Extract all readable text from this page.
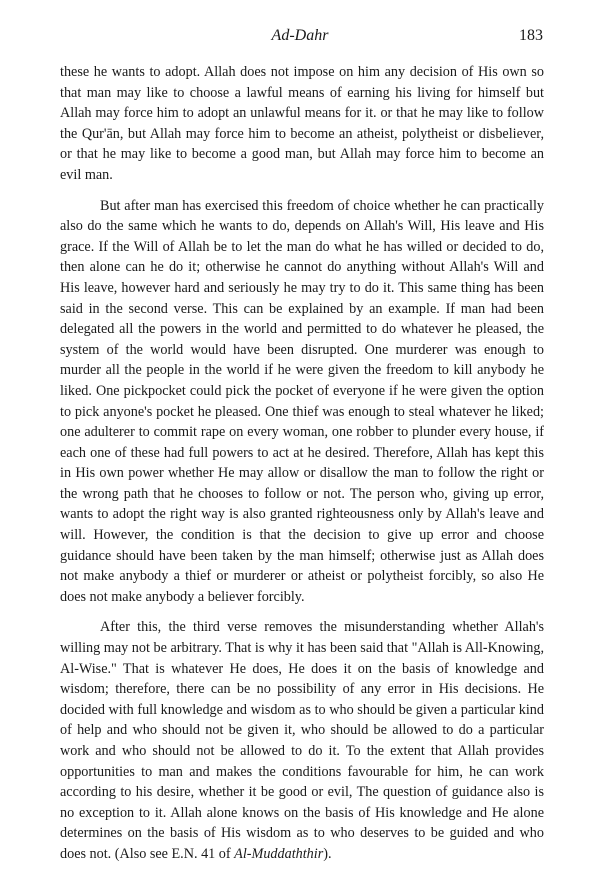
Ad-Dahr	183

these he wants to adopt. Allah does not impose on him any decision of His own so that man may like to choose a lawful means of earning his living for himself but Allah may force him to adopt an unlawful means for it. or that he may like to follow the Qur'ān, but Allah may force him to become an atheist, polytheist or disbeliever, or that he may like to become a good man, but Allah may force him to become an evil man.

But after man has exercised this freedom of choice whether he can practically also do the same which he wants to do, depends on Allah's Will, His leave and His grace. If the Will of Allah be to let the man do what he has willed or decided to do, then alone can he do it; otherwise he cannot do anything without Allah's Will and His leave, however hard and seriously he may try to do it. This same thing has been said in the second verse. This can be explained by an example. If man had been delegated all the powers in the world and permitted to do whatever he pleased, the system of the world would have been disrupted. One murderer was enough to murder all the people in the world if he were given the freedom to kill anybody he liked. One pickpocket could pick the pocket of everyone if he were given the option to pick anyone's pocket he pleased. One thief was enough to steal whatever he liked; one adulterer to commit rape on every woman, one robber to plunder every house, if each one of these had full powers to act at he desired. Therefore, Allah has kept this in His own power whether He may allow or disallow the man to follow the right or the wrong path that he chooses to follow or not. The person who, giving up error, wants to adopt the right way is also granted righteousness only by Allah's leave and will. However, the condition is that the decision to give up error and choose guidance should have been taken by the man himself; otherwise just as Allah does not make anybody a thief or murderer or atheist or polytheist forcibly, so also He does not make anybody a believer forcibly.

After this, the third verse removes the misunderstanding whether Allah's willing may not be arbitrary. That is why it has been said that "Allah is All-Knowing, Al-Wise." That is whatever He does, He does it on the basis of knowledge and wisdom; therefore, there can be no possibility of any error in His decisions. He docided with full knowledge and wisdom as to who should be given a particular kind of help and who should not be given it, who should be allowed to do a particular work and who should not be allowed to do it. To the extent that Allah provides opportunities to man and makes the conditions favourable for him, he can work according to his desire, whether it be good or evil, The question of guidance also is no exception to it. Allah alone knows on the basis of His knowledge and He alone determines on the basis of His wisdom as to who deserves to be guided and who does not. (Also see E.N. 41 of Al-Muddaththir).
